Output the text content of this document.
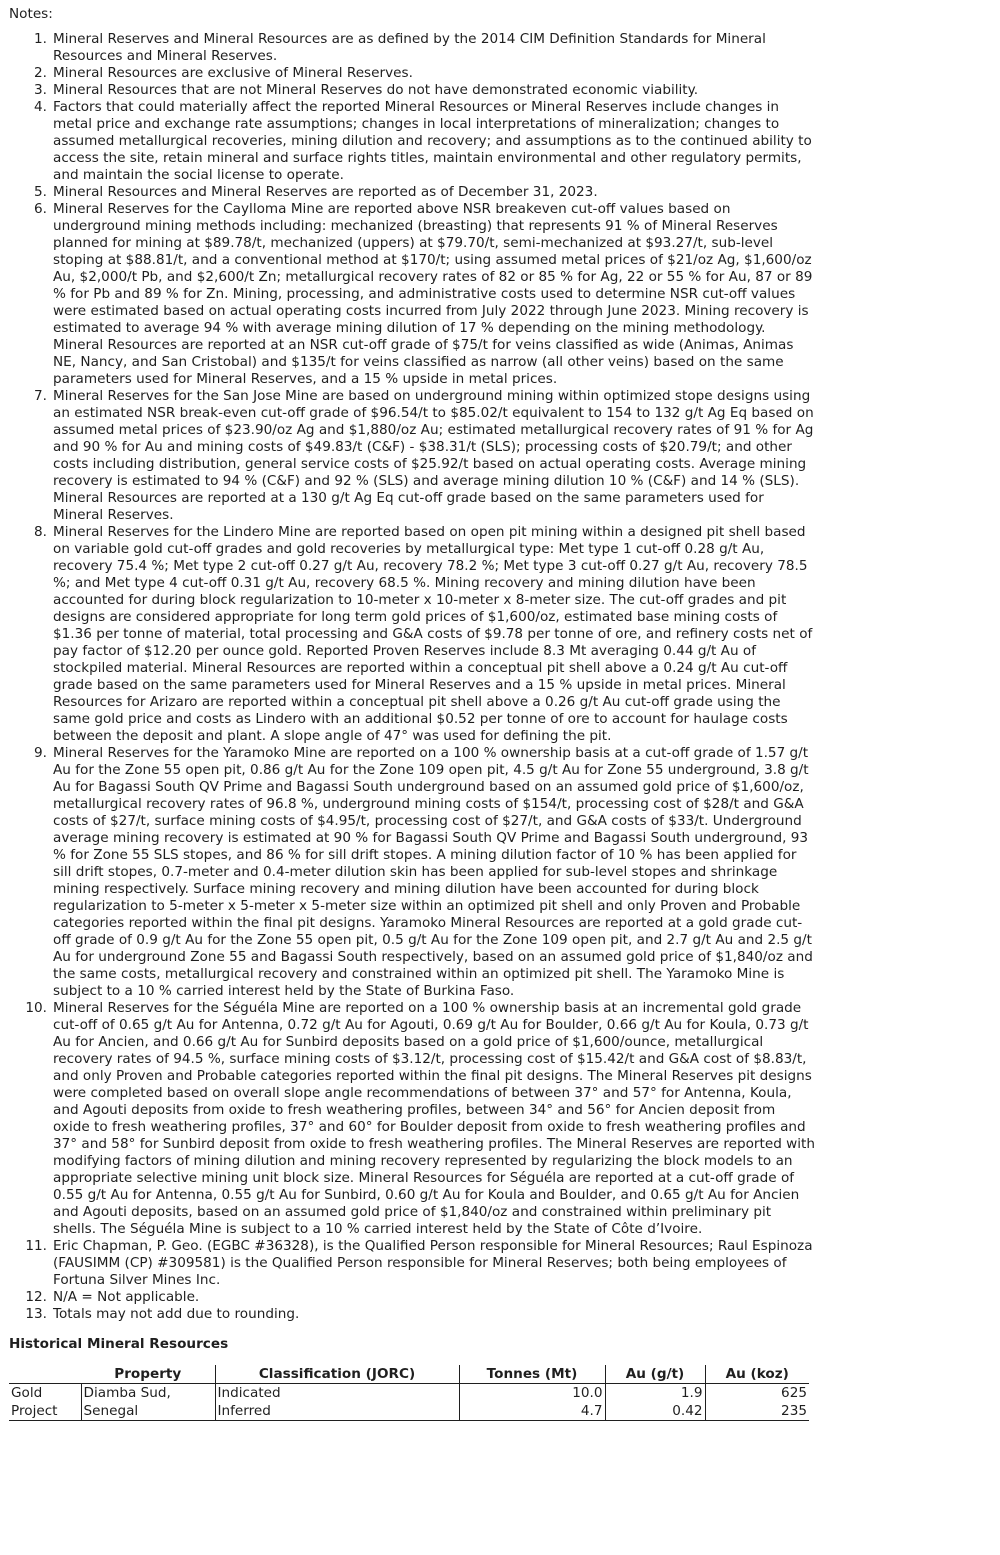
Notes:
1. Mineral Reserves and Mineral Resources are as defined by the 2014 CIM Definition Standards for Mineral Resources and Mineral Reserves.
2. Mineral Resources are exclusive of Mineral Reserves.
3. Mineral Resources that are not Mineral Reserves do not have demonstrated economic viability.
4. Factors that could materially affect the reported Mineral Resources or Mineral Reserves include changes in metal price and exchange rate assumptions; changes in local interpretations of mineralization; changes to assumed metallurgical recoveries, mining dilution and recovery; and assumptions as to the continued ability to access the site, retain mineral and surface rights titles, maintain environmental and other regulatory permits, and maintain the social license to operate.
5. Mineral Resources and Mineral Reserves are reported as of December 31, 2023.
6. Mineral Reserves for the Caylloma Mine are reported above NSR breakeven cut-off values based on underground mining methods including: mechanized (breasting) that represents 91 % of Mineral Reserves planned for mining at $89.78/t, mechanized (uppers) at $79.70/t, semi-mechanized at $93.27/t, sub-level stoping at $88.81/t, and a conventional method at $170/t; using assumed metal prices of $21/oz Ag, $1,600/oz Au, $2,000/t Pb, and $2,600/t Zn; metallurgical recovery rates of 82 or 85 % for Ag, 22 or 55 % for Au, 87 or 89 % for Pb and 89 % for Zn. Mining, processing, and administrative costs used to determine NSR cut-off values were estimated based on actual operating costs incurred from July 2022 through June 2023. Mining recovery is estimated to average 94 % with average mining dilution of 17 % depending on the mining methodology. Mineral Resources are reported at an NSR cut-off grade of $75/t for veins classified as wide (Animas, Animas NE, Nancy, and San Cristobal) and $135/t for veins classified as narrow (all other veins) based on the same parameters used for Mineral Reserves, and a 15 % upside in metal prices.
7. Mineral Reserves for the San Jose Mine are based on underground mining within optimized stope designs using an estimated NSR break-even cut-off grade of $96.54/t to $85.02/t equivalent to 154 to 132 g/t Ag Eq based on assumed metal prices of $23.90/oz Ag and $1,880/oz Au; estimated metallurgical recovery rates of 91 % for Ag and 90 % for Au and mining costs of $49.83/t (C&F) - $38.31/t (SLS); processing costs of $20.79/t; and other costs including distribution, general service costs of $25.92/t based on actual operating costs. Average mining recovery is estimated to 94 % (C&F) and 92 % (SLS) and average mining dilution 10 % (C&F) and 14 % (SLS). Mineral Resources are reported at a 130 g/t Ag Eq cut-off grade based on the same parameters used for Mineral Reserves.
8. Mineral Reserves for the Lindero Mine are reported based on open pit mining within a designed pit shell based on variable gold cut-off grades and gold recoveries by metallurgical type: Met type 1 cut-off 0.28 g/t Au, recovery 75.4 %; Met type 2 cut-off 0.27 g/t Au, recovery 78.2 %; Met type 3 cut-off 0.27 g/t Au, recovery 78.5 %; and Met type 4 cut-off 0.31 g/t Au, recovery 68.5 %. Mining recovery and mining dilution have been accounted for during block regularization to 10-meter x 10-meter x 8-meter size. The cut-off grades and pit designs are considered appropriate for long term gold prices of $1,600/oz, estimated base mining costs of $1.36 per tonne of material, total processing and G&A costs of $9.78 per tonne of ore, and refinery costs net of pay factor of $12.20 per ounce gold. Reported Proven Reserves include 8.3 Mt averaging 0.44 g/t Au of stockpiled material. Mineral Resources are reported within a conceptual pit shell above a 0.24 g/t Au cut-off grade based on the same parameters used for Mineral Reserves and a 15 % upside in metal prices. Mineral Resources for Arizaro are reported within a conceptual pit shell above a 0.26 g/t Au cut-off grade using the same gold price and costs as Lindero with an additional $0.52 per tonne of ore to account for haulage costs between the deposit and plant. A slope angle of 47° was used for defining the pit.
9. Mineral Reserves for the Yaramoko Mine are reported on a 100 % ownership basis at a cut-off grade of 1.57 g/t Au for the Zone 55 open pit, 0.86 g/t Au for the Zone 109 open pit, 4.5 g/t Au for Zone 55 underground, 3.8 g/t Au for Bagassi South QV Prime and Bagassi South underground based on an assumed gold price of $1,600/oz, metallurgical recovery rates of 96.8 %, underground mining costs of $154/t, processing cost of $28/t and G&A costs of $27/t, surface mining costs of $4.95/t, processing cost of $27/t, and G&A costs of $33/t. Underground average mining recovery is estimated at 90 % for Bagassi South QV Prime and Bagassi South underground, 93 % for Zone 55 SLS stopes, and 86 % for sill drift stopes. A mining dilution factor of 10 % has been applied for sill drift stopes, 0.7-meter and 0.4-meter dilution skin has been applied for sub-level stopes and shrinkage mining respectively. Surface mining recovery and mining dilution have been accounted for during block regularization to 5-meter x 5-meter x 5-meter size within an optimized pit shell and only Proven and Probable categories reported within the final pit designs. Yaramoko Mineral Resources are reported at a gold grade cut-off grade of 0.9 g/t Au for the Zone 55 open pit, 0.5 g/t Au for the Zone 109 open pit, and 2.7 g/t Au and 2.5 g/t Au for underground Zone 55 and Bagassi South respectively, based on an assumed gold price of $1,840/oz and the same costs, metallurgical recovery and constrained within an optimized pit shell. The Yaramoko Mine is subject to a 10 % carried interest held by the State of Burkina Faso.
10. Mineral Reserves for the Séguéla Mine are reported on a 100 % ownership basis at an incremental gold grade cut-off of 0.65 g/t Au for Antenna, 0.72 g/t Au for Agouti, 0.69 g/t Au for Boulder, 0.66 g/t Au for Koula, 0.73 g/t Au for Ancien, and 0.66 g/t Au for Sunbird deposits based on a gold price of $1,600/ounce, metallurgical recovery rates of 94.5 %, surface mining costs of $3.12/t, processing cost of $15.42/t and G&A cost of $8.83/t, and only Proven and Probable categories reported within the final pit designs. The Mineral Reserves pit designs were completed based on overall slope angle recommendations of between 37° and 57° for Antenna, Koula, and Agouti deposits from oxide to fresh weathering profiles, between 34° and 56° for Ancien deposit from oxide to fresh weathering profiles, 37° and 60° for Boulder deposit from oxide to fresh weathering profiles and 37° and 58° for Sunbird deposit from oxide to fresh weathering profiles. The Mineral Reserves are reported with modifying factors of mining dilution and mining recovery represented by regularizing the block models to an appropriate selective mining unit block size. Mineral Resources for Séguéla are reported at a cut-off grade of 0.55 g/t Au for Antenna, 0.55 g/t Au for Sunbird, 0.60 g/t Au for Koula and Boulder, and 0.65 g/t Au for Ancien and Agouti deposits, based on an assumed gold price of $1,840/oz and constrained within preliminary pit shells. The Séguéla Mine is subject to a 10 % carried interest held by the State of Côte d’Ivoire.
11. Eric Chapman, P. Geo. (EGBC #36328), is the Qualified Person responsible for Mineral Resources; Raul Espinoza (FAUSIMM (CP) #309581) is the Qualified Person responsible for Mineral Reserves; both being employees of Fortuna Silver Mines Inc.
12. N/A = Not applicable.
13. Totals may not add due to rounding.
Historical Mineral Resources
	Property	Classification (JORC)	Tonnes (Mt)	Au (g/t)	Au (koz)
Gold	Diamba Sud,	Indicated	10.0	1.9	625
Project	Senegal	Inferred	4.7	0.42	235
